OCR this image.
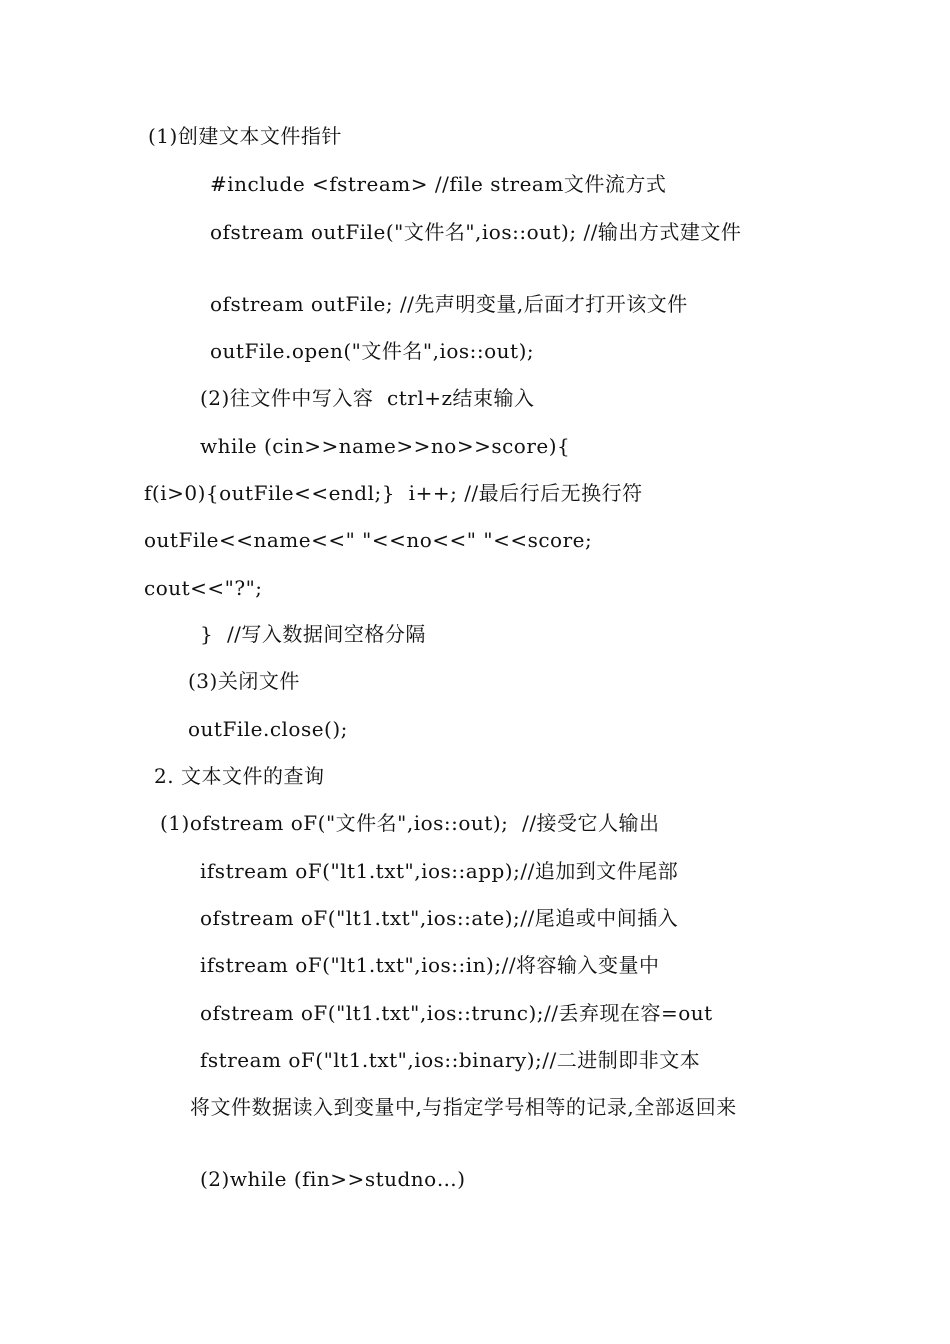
(1)创建文本文件指针
#include <fstream> //file stream文件流方式
ofstream outFile("文件名",ios::out); //输出方式建文件
ofstream outFile; //先声明变量,后面才打开该文件
outFile.open("文件名",ios::out);
(2)往文件中写入容  ctrl+z结束输入
while (cin>>name>>no>>score){
f(i>0){outFile<<endl;}  i++; //最后行后无换行符
outFile<<name<<" "<<no<<" "<<score;
cout<<"?";
}  //写入数据间空格分隔
(3)关闭文件
outFile.close();
2. 文本文件的查询
(1)ofstream oF("文件名",ios::out);  //接受它人输出
ifstream oF("lt1.txt",ios::app);//追加到文件尾部
ofstream oF("lt1.txt",ios::ate);//尾追或中间插入
ifstream oF("lt1.txt",ios::in);//将容输入变量中
ofstream oF("lt1.txt",ios::trunc);//丢弃现在容=out
fstream oF("lt1.txt",ios::binary);//二进制即非文本
将文件数据读入到变量中,与指定学号相等的记录,全部返回来
(2)while (fin>>studno…)
